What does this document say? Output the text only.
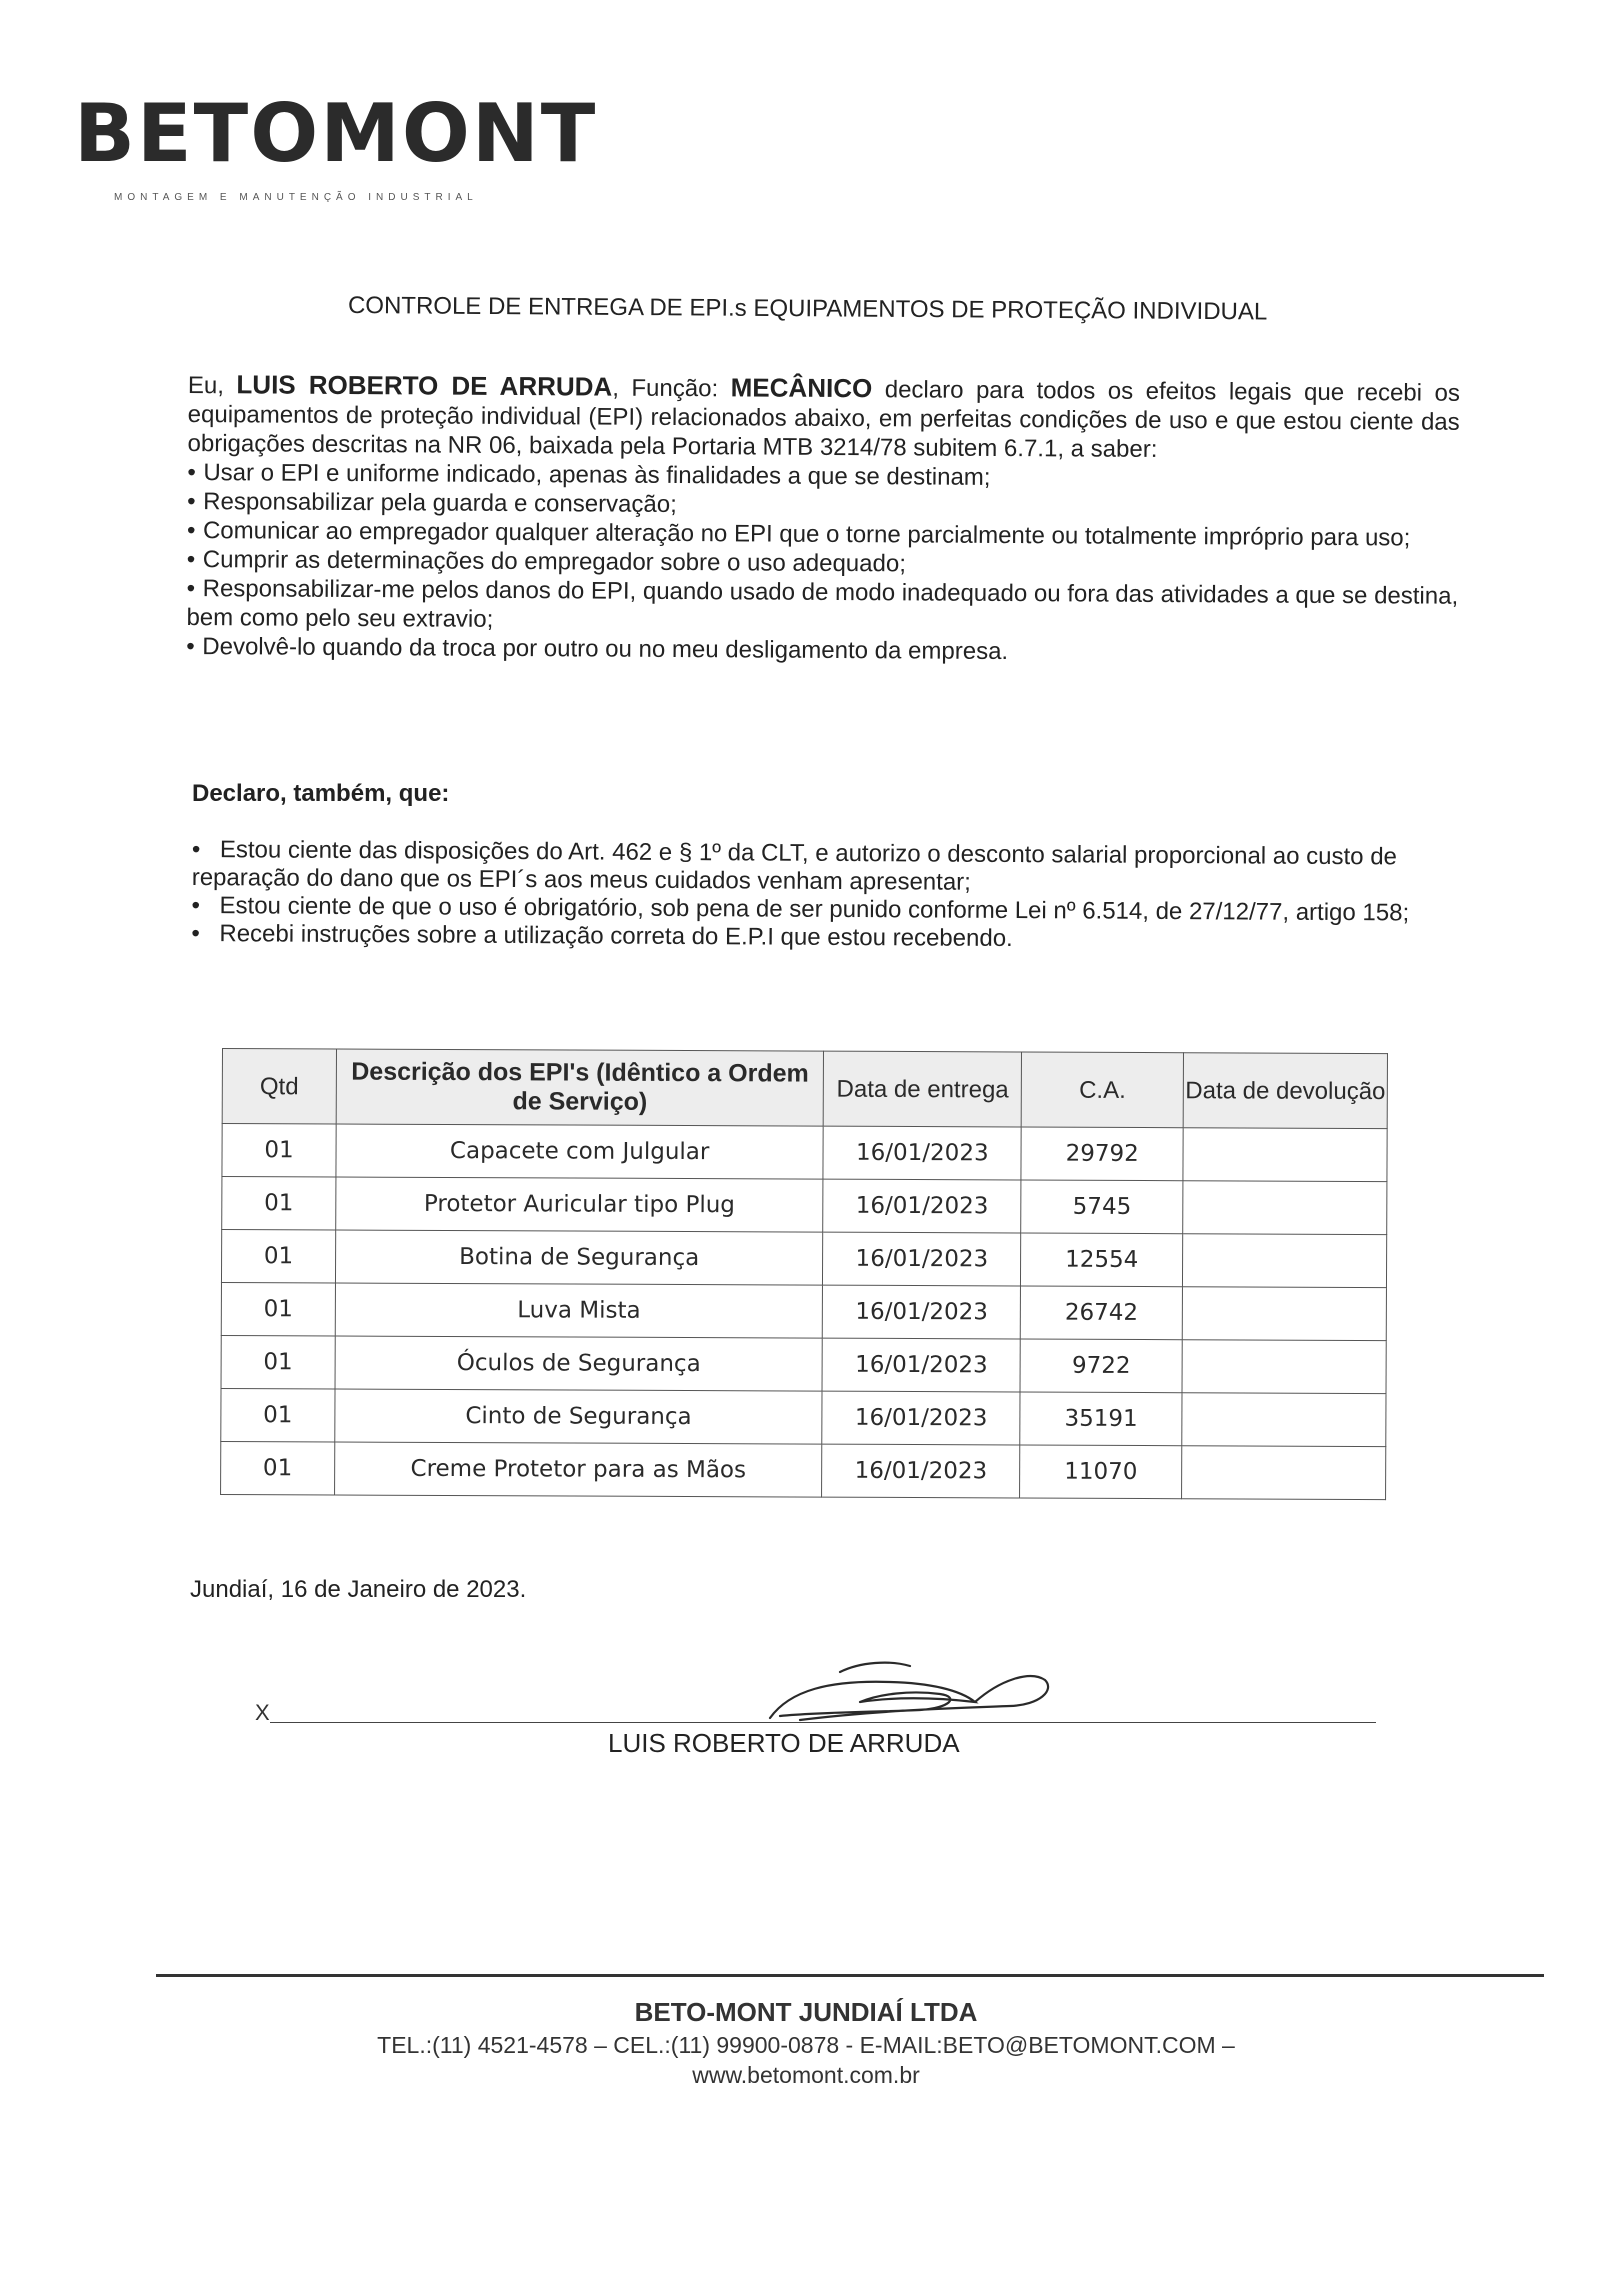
BETOMONT
MONTAGEM E MANUTENÇÃO INDUSTRIAL
CONTROLE DE ENTREGA DE EPI.s EQUIPAMENTOS DE PROTEÇÃO INDIVIDUAL

Eu, LUIS ROBERTO DE ARRUDA, Função: MECÂNICO declaro para todos os efeitos legais que recebi os equipamentos de proteção individual (EPI) relacionados abaixo, em perfeitas condições de uso e que estou ciente das obrigações descritas na NR 06, baixada pela Portaria MTB 3214/78 subitem 6.7.1, a saber:

• Usar o EPI e uniforme indicado, apenas às finalidades a que se destinam;

• Responsabilizar pela guarda e conservação;

• Comunicar ao empregador qualquer alteração no EPI que o torne parcialmente ou totalmente impróprio para uso;

• Cumprir as determinações do empregador sobre o uso adequado;

• Responsabilizar-me pelos danos do EPI, quando usado de modo inadequado ou fora das atividades a que se destina, bem como pelo seu extravio;

• Devolvê-lo quando da troca por outro ou no meu desligamento da empresa.

Declaro, também, que:

• Estou ciente das disposições do Art. 462 e § 1º da CLT, e autorizo o desconto salarial proporcional ao custo de reparação do dano que os EPI´s aos meus cuidados venham apresentar;

• Estou ciente de que o uso é obrigatório, sob pena de ser punido conforme Lei nº 6.514, de 27/12/77, artigo 158;

• Recebi instruções sobre a utilização correta do E.P.I que estou recebendo.

Qtd	Descrição dos EPI's (Idêntico a Ordem de Serviço)	Data de entrega	C.A.	Data de devolução
01	Capacete com Julgular	16/01/2023	29792	
01	Protetor Auricular tipo Plug	16/01/2023	5745	
01	Botina de Segurança	16/01/2023	12554	
01	Luva Mista	16/01/2023	26742	
01	Óculos de Segurança	16/01/2023	9722	
01	Cinto de Segurança	16/01/2023	35191	
01	Creme Protetor para as Mãos	16/01/2023	11070	
Jundiaí, 16 de Janeiro de 2023.
X
LUIS ROBERTO DE ARRUDA
BETO-MONT JUNDIAÍ LTDA
TEL.:(11) 4521-4578 – CEL.:(11) 99900-0878 - E-MAIL:BETO@BETOMONT.COM –
www.betomont.com.br
